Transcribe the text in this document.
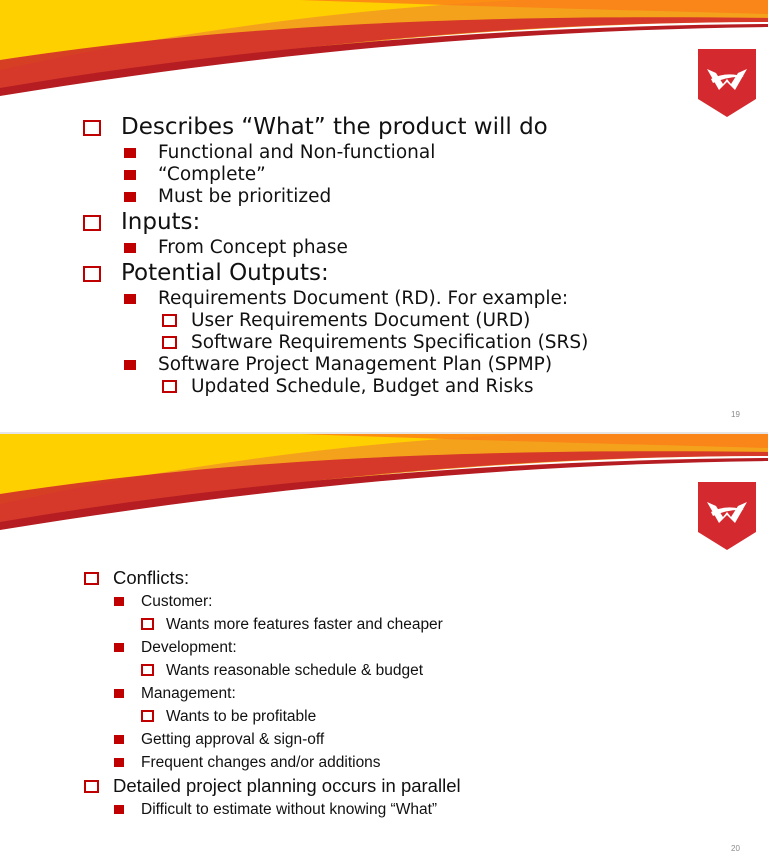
Describes “What” the product will do
Functional and Non-functional
“Complete”
Must be prioritized
Inputs:
From Concept phase
Potential Outputs:
Requirements Document (RD). For example:
User Requirements Document (URD)
Software Requirements Specification (SRS)
Software Project Management Plan (SPMP)
Updated Schedule, Budget and Risks
19
Conflicts:
Customer:
Wants more features faster and cheaper
Development:
Wants reasonable schedule & budget
Management:
Wants to be profitable
Getting approval & sign-off
Frequent changes and/or additions
Detailed project planning occurs in parallel
Difficult to estimate without knowing “What”
20
